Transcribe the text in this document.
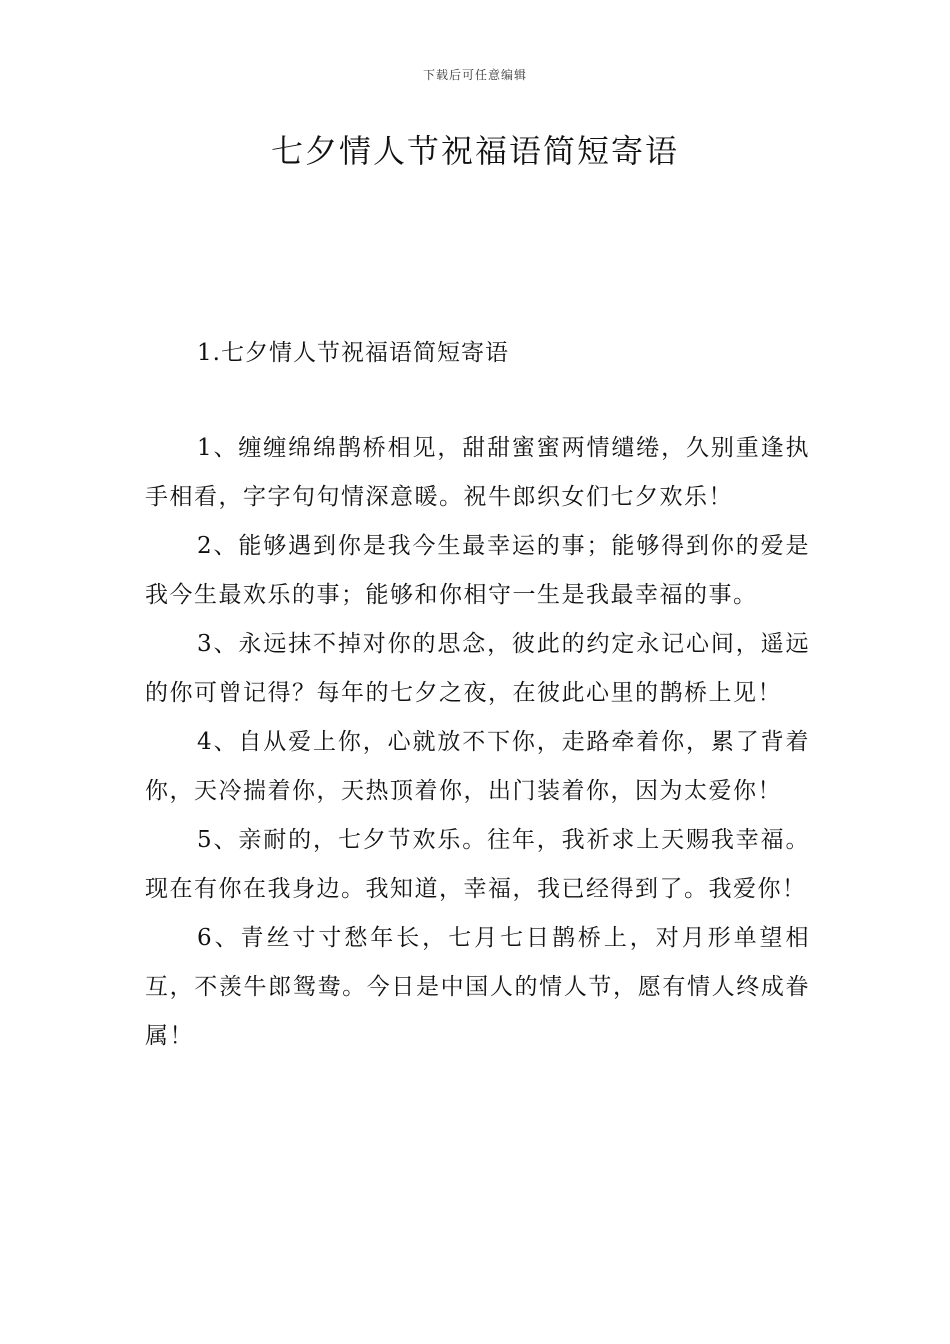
下载后可任意编辑
七夕情人节祝福语简短寄语
1.七夕情人节祝福语简短寄语

1、缠缠绵绵鹊桥相见，甜甜蜜蜜两情缱绻，久别重逢执手相看，字字句句情深意暖。祝牛郎织女们七夕欢乐！

2、能够遇到你是我今生最幸运的事；能够得到你的爱是我今生最欢乐的事；能够和你相守一生是我最幸福的事。

3、永远抹不掉对你的思念，彼此的约定永记心间，遥远的你可曾记得？每年的七夕之夜，在彼此心里的鹊桥上见！

4、自从爱上你，心就放不下你，走路牵着你，累了背着你，天冷揣着你，天热顶着你，出门装着你，因为太爱你！

5、亲耐的，七夕节欢乐。往年，我祈求上天赐我幸福。现在有你在我身边。我知道，幸福，我已经得到了。我爱你！

6、青丝寸寸愁年长，七月七日鹊桥上，对月形单望相互，不羡牛郎鸳鸯。今日是中国人的情人节，愿有情人终成眷属！
